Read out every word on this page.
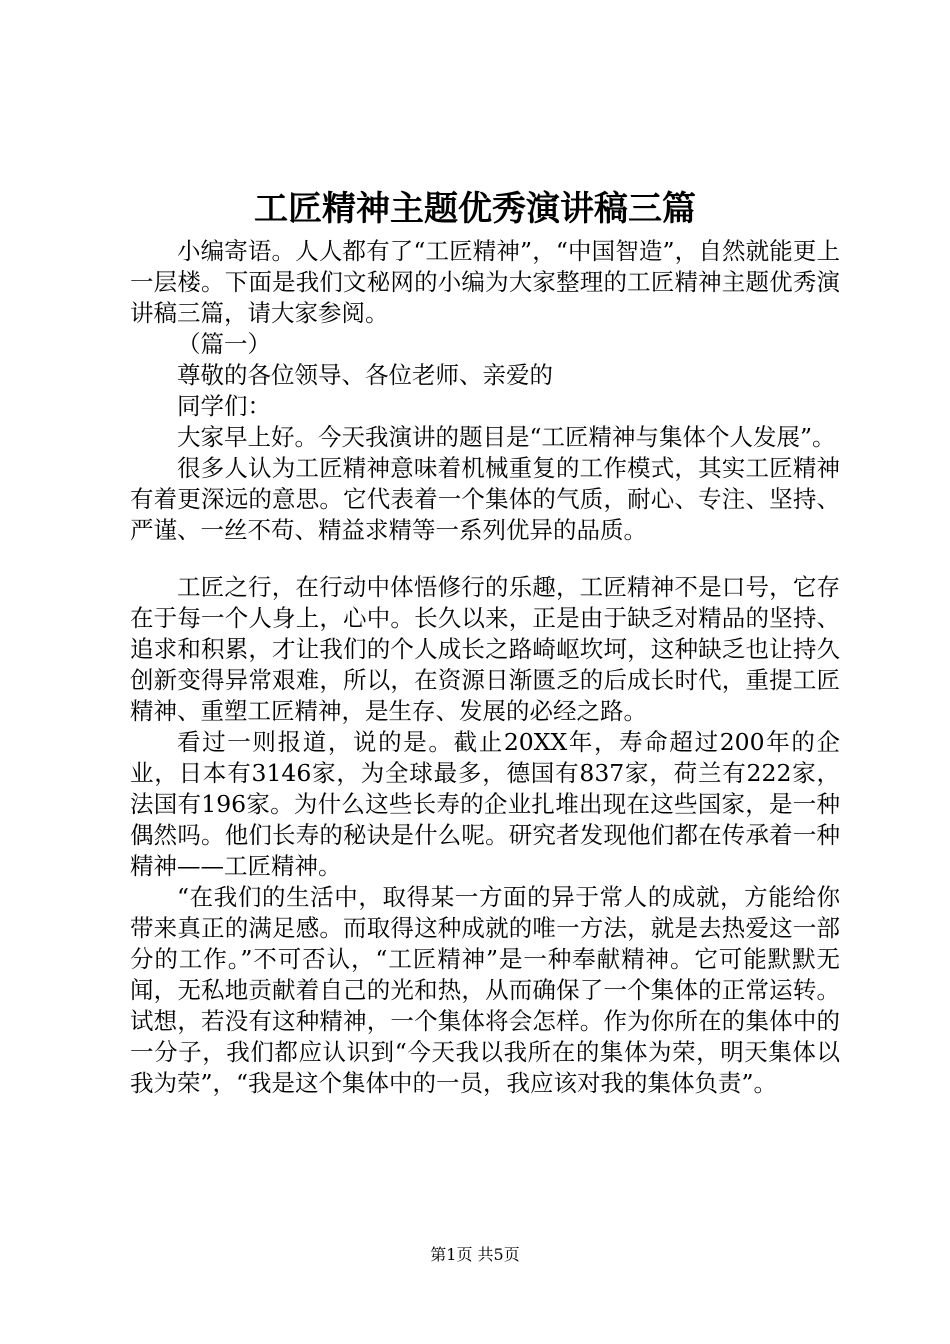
工匠精神主题优秀演讲稿三篇

小编寄语。人人都有了“工匠精神”，“中国智造”，自然就能更上一层楼。下面是我们文秘网的小编为大家整理的工匠精神主题优秀演讲稿三篇，请大家参阅。

（篇一）

尊敬的各位领导、各位老师、亲爱的

同学们：

大家早上好。今天我演讲的题目是“工匠精神与集体个人发展”。

很多人认为工匠精神意味着机械重复的工作模式，其实工匠精神有着更深远的意思。它代表着一个集体的气质，耐心、专注、坚持、严谨、一丝不苟、精益求精等一系列优异的品质。

工匠之行，在行动中体悟修行的乐趣，工匠精神不是口号，它存在于每一个人身上，心中。长久以来，正是由于缺乏对精品的坚持、追求和积累，才让我们的个人成长之路崎岖坎坷，这种缺乏也让持久创新变得异常艰难，所以，在资源日渐匮乏的后成长时代，重提工匠精神、重塑工匠精神，是生存、发展的必经之路。

看过一则报道，说的是。截止20XX年，寿命超过200年的企业，日本有3146家，为全球最多，德国有837家，荷兰有222家，法国有196家。为什么这些长寿的企业扎堆出现在这些国家，是一种偶然吗。他们长寿的秘诀是什么呢。研究者发现他们都在传承着一种精神——工匠精神。

“在我们的生活中，取得某一方面的异于常人的成就，方能给你带来真正的满足感。而取得这种成就的唯一方法，就是去热爱这一部分的工作。”不可否认，“工匠精神”是一种奉献精神。它可能默默无闻，无私地贡献着自己的光和热，从而确保了一个集体的正常运转。试想，若没有这种精神，一个集体将会怎样。作为你所在的集体中的一分子，我们都应认识到“今天我以我所在的集体为荣，明天集体以我为荣”，“我是这个集体中的一员，我应该对我的集体负责”。

第1页 共5页
